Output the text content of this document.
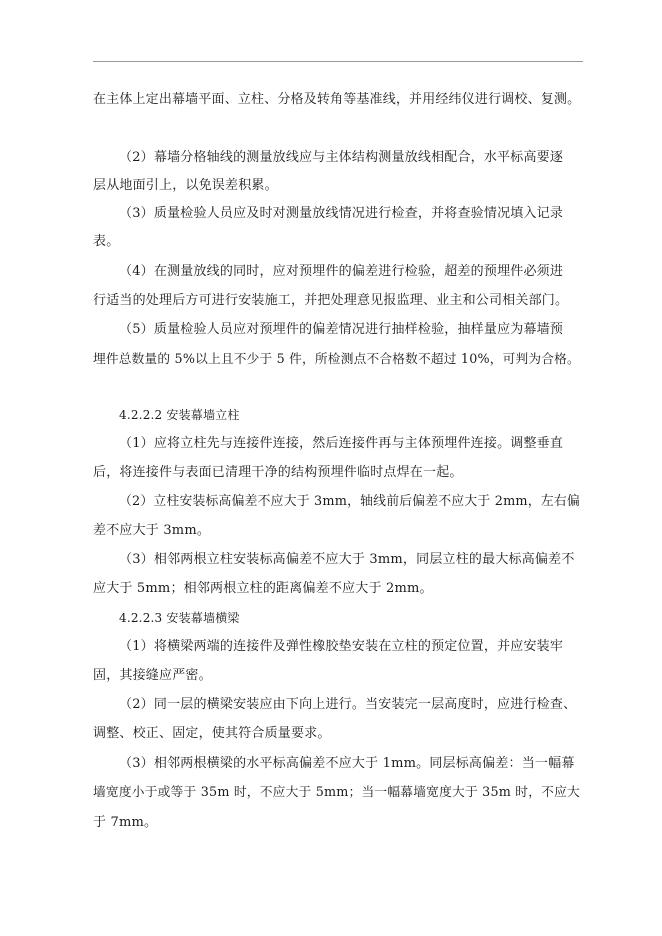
在主体上定出幕墙平面、立柱、分格及转角等基准线，并用经纬仪进行调校、复测。
（2）幕墙分格轴线的测量放线应与主体结构测量放线相配合，水平标高要逐
层从地面引上，以免误差积累。
（3）质量检验人员应及时对测量放线情况进行检查，并将查验情况填入记录
表。
（4）在测量放线的同时，应对预埋件的偏差进行检验，超差的预埋件必须进
行适当的处理后方可进行安装施工，并把处理意见报监理、业主和公司相关部门。
（5）质量检验人员应对预埋件的偏差情况进行抽样检验，抽样量应为幕墙预
埋件总数量的 5%以上且不少于 5 件，所检测点不合格数不超过 10%，可判为合格。
4.2.2.2 安装幕墙立柱
（1）应将立柱先与连接件连接，然后连接件再与主体预埋件连接。调整垂直
后，将连接件与表面已清理干净的结构预埋件临时点焊在一起。
（2）立柱安装标高偏差不应大于 3mm，轴线前后偏差不应大于 2mm，左右偏
差不应大于 3mm。
（3）相邻两根立柱安装标高偏差不应大于 3mm，同层立柱的最大标高偏差不
应大于 5mm；相邻两根立柱的距离偏差不应大于 2mm。
4.2.2.3 安装幕墙横梁
（1）将横梁两端的连接件及弹性橡胶垫安装在立柱的预定位置，并应安装牢
固，其接缝应严密。
（2）同一层的横梁安装应由下向上进行。当安装完一层高度时，应进行检查、
调整、校正、固定，使其符合质量要求。
（3）相邻两根横梁的水平标高偏差不应大于 1mm。同层标高偏差：当一幅幕
墙宽度小于或等于 35m 时，不应大于 5mm；当一幅幕墙宽度大于 35m 时，不应大
于 7mm。
